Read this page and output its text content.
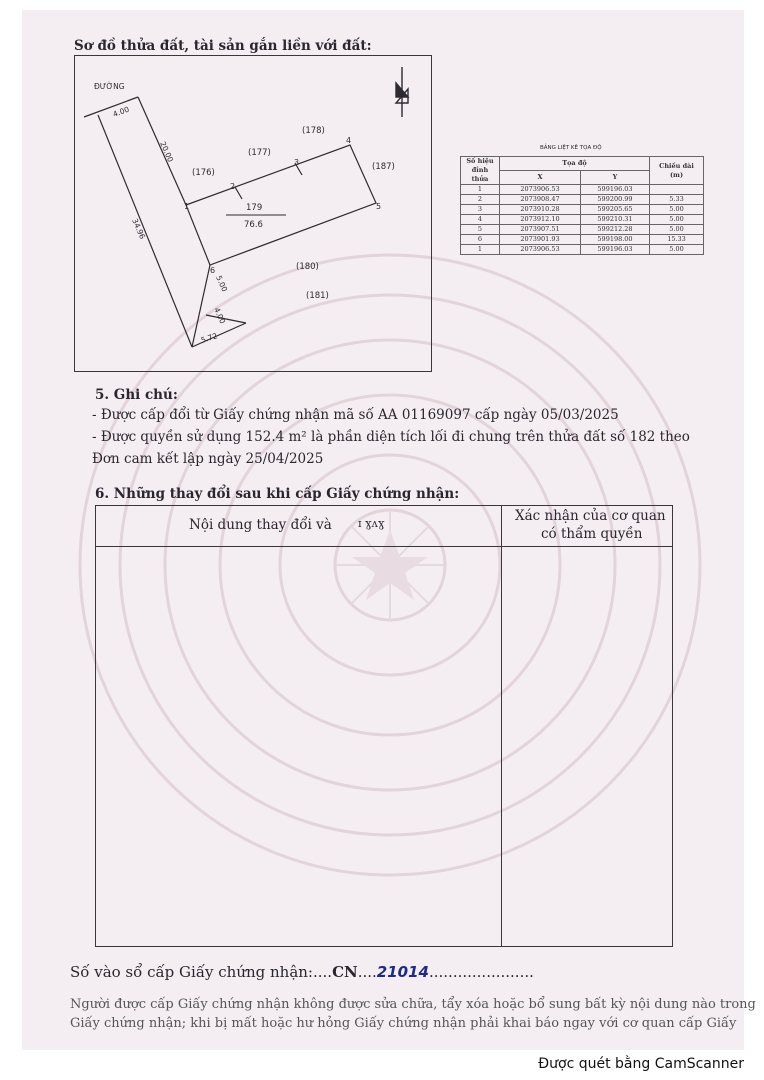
Sơ đồ thửa đất, tài sản gắn liền với đất:
ĐƯỜNG
4.00
20.00
34.96
5.00
4.00
5.72
(176)
(177)
(178)
(187)
(180)
(181)
179
76.6
1
2
3
4
5
6
BẢNG LIỆT KÊ TỌA ĐỘ
Số hiệu đỉnh thửa	Tọa độ		Chiều dài (m)
	X	Y	
1	2073906.53	599196.03	
2	2073908.47	599200.99	5.33
3	2073910.28	599205.65	5.00
4	2073912.10	599210.31	5.00
5	2073907.51	599212.28	5.00
6	2073901.93	599198.00	15.33
1	2073906.53	599196.03	5.00
5. Ghi chú:
- Được cấp đổi từ Giấy chứng nhận mã số AA 01169097 cấp ngày 05/03/2025
- Được quyền sử dụng 152.4 m² là phần diện tích lối đi chung trên thửa đất số 182 theo
Đơn cam kết lập ngày 25/04/2025
6. Những thay đổi sau khi cấp Giấy chứng nhận:
Nội dung thay đổi và ɪ ɣʌɣ	Xác nhận của cơ quan
có thẩm quyền
Số vào sổ cấp Giấy chứng nhận:....CN....21014......................
Người được cấp Giấy chứng nhận không được sửa chữa, tẩy xóa hoặc bổ sung bất kỳ nội dung nào trong
Giấy chứng nhận; khi bị mất hoặc hư hỏng Giấy chứng nhận phải khai báo ngay với cơ quan cấp Giấy
Được quét bằng CamScanner
